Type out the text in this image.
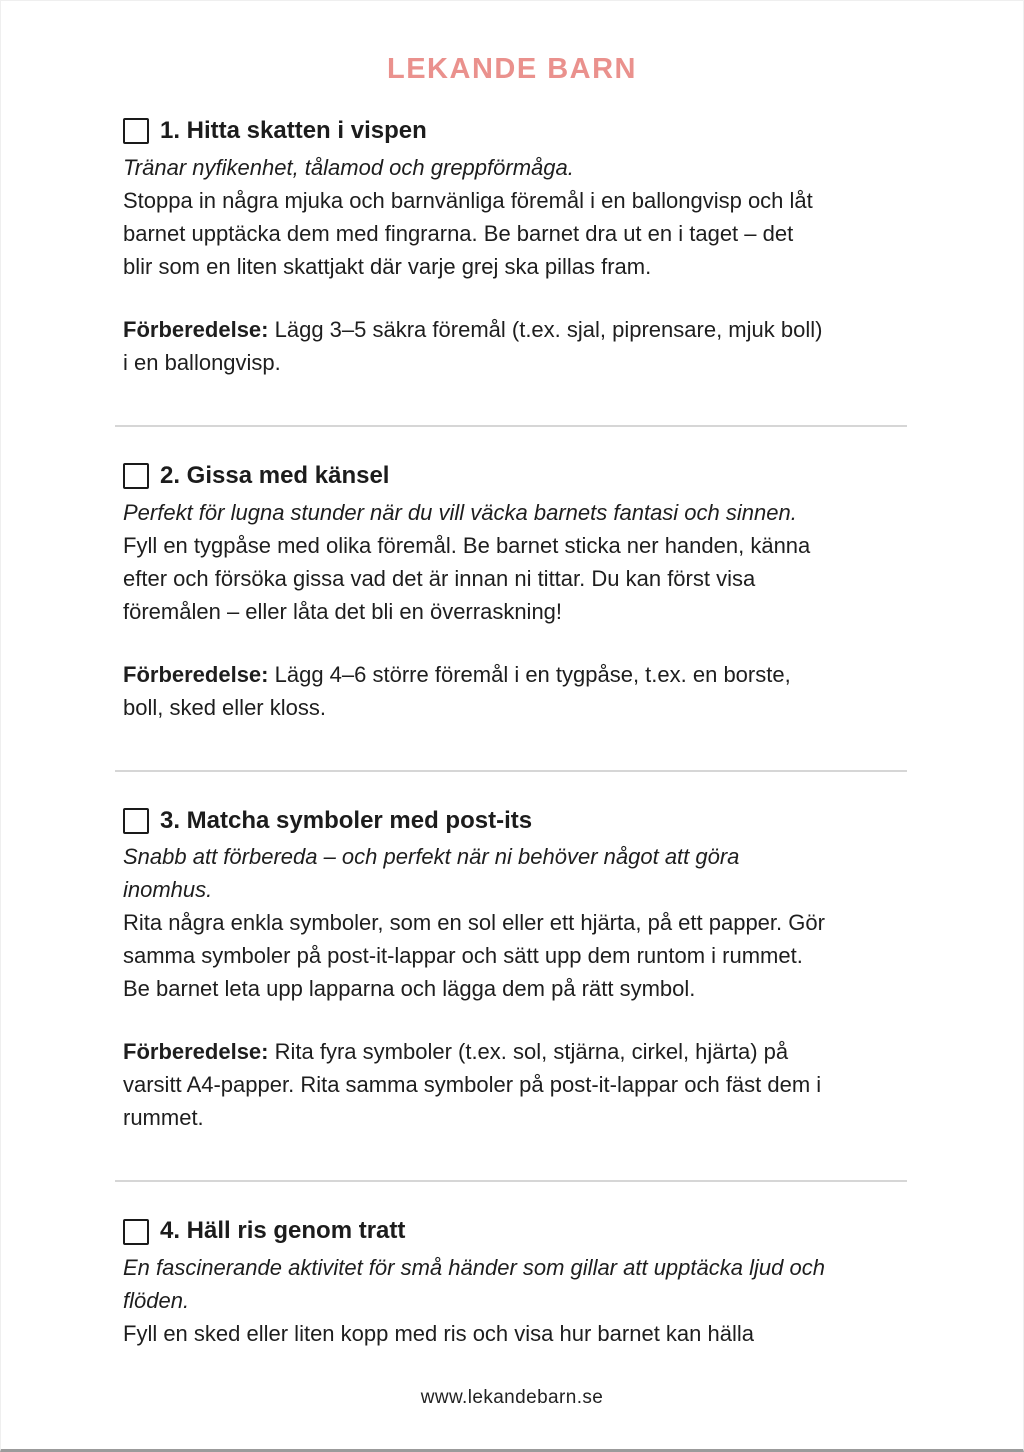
LEKANDE BARN
1. Hitta skatten i vispen

Tränar nyfikenhet, tålamod och greppförmåga.

Stoppa in några mjuka och barnvänliga föremål i en ballongvisp och låt barnet upptäcka dem med fingrarna. Be barnet dra ut en i taget – det blir som en liten skattjakt där varje grej ska pillas fram.

Förberedelse: Lägg 3–5 säkra föremål (t.ex. sjal, piprensare, mjuk boll) i en ballongvisp.

2. Gissa med känsel

Perfekt för lugna stunder när du vill väcka barnets fantasi och sinnen.

Fyll en tygpåse med olika föremål. Be barnet sticka ner handen, känna efter och försöka gissa vad det är innan ni tittar. Du kan först visa föremålen – eller låta det bli en överraskning!

Förberedelse: Lägg 4–6 större föremål i en tygpåse, t.ex. en borste, boll, sked eller kloss.

3. Matcha symboler med post-its

Snabb att förbereda – och perfekt när ni behöver något att göra inomhus.

Rita några enkla symboler, som en sol eller ett hjärta, på ett papper. Gör samma symboler på post-it-lappar och sätt upp dem runtom i rummet. Be barnet leta upp lapparna och lägga dem på rätt symbol.

Förberedelse: Rita fyra symboler (t.ex. sol, stjärna, cirkel, hjärta) på varsitt A4-papper. Rita samma symboler på post-it-lappar och fäst dem i rummet.

4. Häll ris genom tratt

En fascinerande aktivitet för små händer som gillar att upptäcka ljud och flöden.

Fyll en sked eller liten kopp med ris och visa hur barnet kan hälla

www.lekandebarn.se
